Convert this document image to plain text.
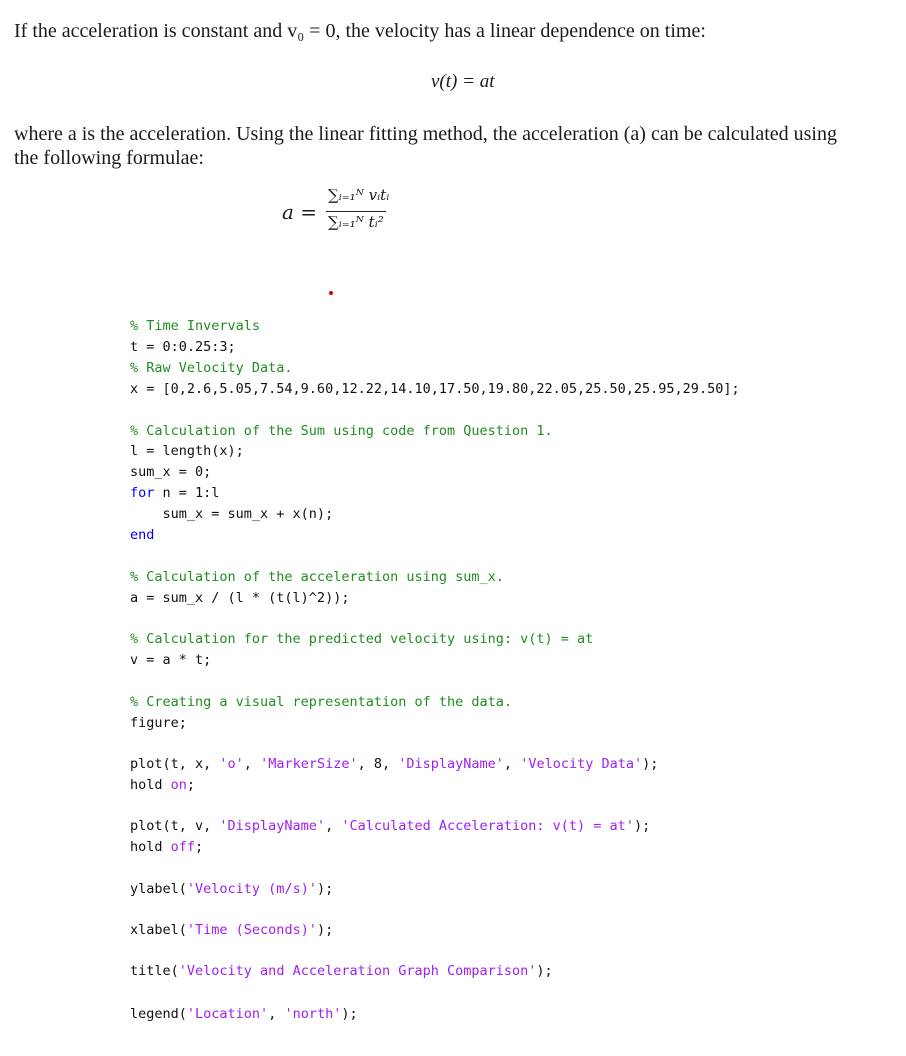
If the acceleration is constant and v₀ = 0, the velocity has a linear dependence on time:
v(t) = at
where a is the acceleration. Using the linear fitting method, the acceleration (a) can be calculated using
the following formulae:
a =
∑ᵢ₌₁ᴺ vᵢtᵢ
∑ᵢ₌₁ᴺ tᵢ²
% Time Invervals
t = 0:0.25:3;
% Raw Velocity Data.
x = [0,2.6,5.05,7.54,9.60,12.22,14.10,17.50,19.80,22.05,25.50,25.95,29.50];
% Calculation of the Sum using code from Question 1.
l = length(x);
sum_x = 0;
for n = 1:l
sum_x = sum_x + x(n);
end
% Calculation of the acceleration using sum_x.
a = sum_x / (l * (t(l)^2));
% Calculation for the predicted velocity using: v(t) = at
v = a * t;
% Creating a visual representation of the data.
figure;
plot(t, x, 'o', 'MarkerSize', 8, 'DisplayName', 'Velocity Data');
hold on;
plot(t, v, 'DisplayName', 'Calculated Acceleration: v(t) = at');
hold off;
ylabel('Velocity (m/s)');
xlabel('Time (Seconds)');
title('Velocity and Acceleration Graph Comparison');
legend('Location', 'north');
